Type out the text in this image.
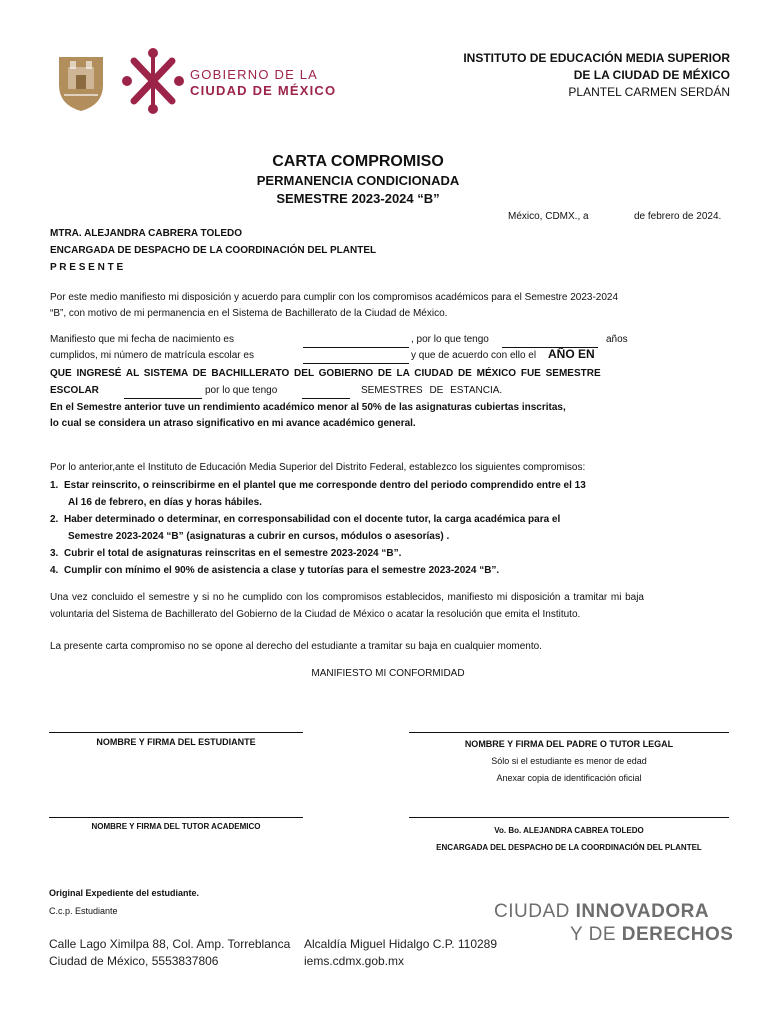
GOBIERNO DE LA
CIUDAD DE MÉXICO
INSTITUTO DE EDUCACIÓN MEDIA SUPERIOR
DE LA CIUDAD DE MÉXICO
PLANTEL CARMEN SERDÁN
CARTA COMPROMISO
PERMANENCIA CONDICIONADA
SEMESTRE 2023-2024 “B”
México, CDMX., a	de febrero de 2024.
MTRA. ALEJANDRA CABRERA TOLEDO
ENCARGADA DE DESPACHO DE LA COORDINACIÓN DEL PLANTEL
P R E S E N T E
Por este medio manifiesto mi disposición y acuerdo para cumplir con los compromisos académicos para el Semestre 2023-2024 “B”, con motivo de mi permanencia en el Sistema de Bachillerato de la Ciudad de México.
Manifiesto que mi fecha de nacimiento es	, por lo que tengo	años
cumplidos, mi número de matrícula escolar es	y que de acuerdo con ello el AÑO EN
QUE INGRESÉ AL SISTEMA DE BACHILLERATO DEL GOBIERNO DE LA CIUDAD DE MÉXICO FUE SEMESTRE
ESCOLAR	por lo que tengo	SEMESTRES DE ESTANCIA.
En el Semestre anterior tuve un rendimiento académico menor al 50% de las asignaturas cubiertas inscritas,
lo cual se considera un atraso significativo en mi avance académico general.
Por lo anterior,ante el Instituto de Educación Media Superior del Distrito Federal, establezco los siguientes compromisos:
1. Estar reinscrito, o reinscribirme en el plantel que me corresponde dentro del periodo comprendido entre el 13
Al 16 de febrero, en días y horas hábiles.
2. Haber determinado o determinar, en corresponsabilidad con el docente tutor, la carga académica para el
Semestre 2023-2024 “B” (asignaturas a cubrir en cursos, módulos o asesorías) .
3. Cubrir el total de asignaturas reinscritas en el semestre 2023-2024 “B”.
4. Cumplir con mínimo el 90% de asistencia a clase y tutorías para el semestre 2023-2024 “B”.
Una vez concluido el semestre y si no he cumplido con los compromisos establecidos, manifiesto mi disposición a tramitar mi baja voluntaria del Sistema de Bachillerato del Gobierno de la Ciudad de México o acatar la resolución que emita el Instituto.
La presente carta compromiso no se opone al derecho del estudiante a tramitar su baja en cualquier momento.
MANIFIESTO MI CONFORMIDAD
NOMBRE Y FIRMA DEL ESTUDIANTE	NOMBRE Y FIRMA DEL PADRE O TUTOR LEGAL
Sólo si el estudiante es menor de edad
Anexar copia de identificación oficial
NOMBRE Y FIRMA DEL TUTOR ACADEMICO	Vo. Bo. ALEJANDRA CABREA TOLEDO
ENCARGADA DEL DESPACHO DE LA COORDINACIÓN DEL PLANTEL
Original Expediente del estudiante.
C.c.p. Estudiante
Calle Lago Ximilpa 88, Col. Amp. Torreblanca
Ciudad de México, 5553837806
Alcaldía Miguel Hidalgo C.P. 110289
iems.cdmx.gob.mx
CIUDAD INNOVADORA
Y DE DERECHOS
